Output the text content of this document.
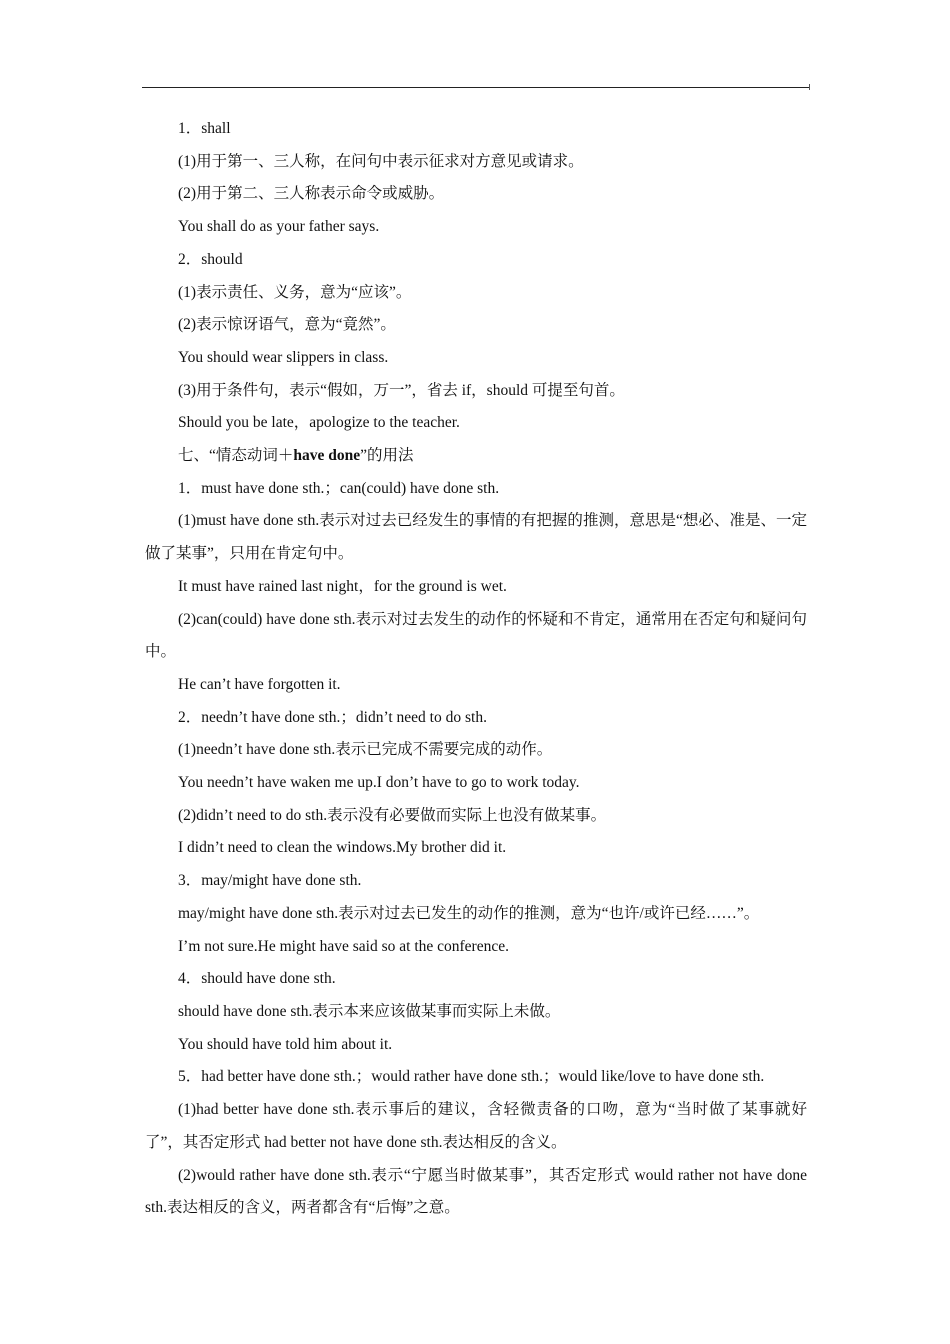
1．shall

(1)用于第一、三人称，在问句中表示征求对方意见或请求。

(2)用于第二、三人称表示命令或威胁。

You shall do as your father says.

2．should

(1)表示责任、义务，意为“应该”。

(2)表示惊讶语气，意为“竟然”。

You should wear slippers in class.

(3)用于条件句，表示“假如，万一”，省去 if，should 可提至句首。

Should you be late，apologize to the teacher.

七、“情态动词＋have done”的用法

1．must have done sth.；can(could) have done sth.

(1)must have done sth.表示对过去已经发生的事情的有把握的推测，意思是“想必、准是、一定做了某事”，只用在肯定句中。

It must have rained last night，for the ground is wet.

(2)can(could) have done sth.表示对过去发生的动作的怀疑和不肯定，通常用在否定句和疑问句中。

He can’t have forgotten it.

2．needn’t have done sth.；didn’t need to do sth.

(1)needn’t have done sth.表示已完成不需要完成的动作。

You needn’t have waken me up.I don’t have to go to work today.

(2)didn’t need to do sth.表示没有必要做而实际上也没有做某事。

I didn’t need to clean the windows.My brother did it.

3．may/might have done sth.

may/might have done sth.表示对过去已发生的动作的推测，意为“也许/或许已经……”。

I’m not sure.He might have said so at the conference.

4．should have done sth.

should have done sth.表示本来应该做某事而实际上未做。

You should have told him about it.

5．had better have done sth.；would rather have done sth.；would like/love to have done sth.

(1)had better have done sth.表示事后的建议，含轻微责备的口吻，意为“当时做了某事就好了”，其否定形式 had better not have done sth.表达相反的含义。

(2)would rather have done sth.表示“宁愿当时做某事”，其否定形式 would rather not have done sth.表达相反的含义，两者都含有“后悔”之意。
